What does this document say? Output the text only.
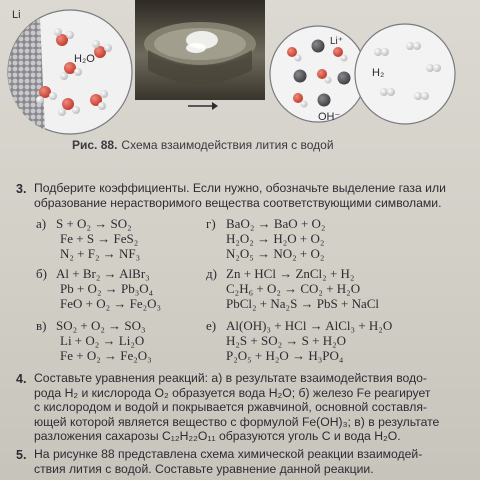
Li
H₂O
Li⁺
H₂
OH⁻
Рис. 88. Схема взаимодействия лития с водой
3. Подберите коэффициенты. Если нужно, обозначьте выделение газа или
образование нерастворимого вещества соответствующими символами.
а) S + O₂ → SO₂
Fe + S → FeS₂
N₂ + F₂ → NF₃
б) Al + Br₂ → AlBr₃
Pb + O₂ → Pb₃O₄
FeO + O₂ → Fe₂O₃
в) SO₂ + O₂ → SO₃
Li + O₂ → Li₂O
Fe + O₂ → Fe₂O₃
г) BaO₂ → BaO + O₂
H₂O₂ → H₂O + O₂
N₂O₅ → NO₂ + O₂
д) Zn + HCl → ZnCl₂ + H₂
C₂H₆ + O₂ → CO₂ + H₂O
PbCl₂ + Na₂S → PbS + NaCl
е) Al(OH)₃ + HCl → AlCl₃ + H₂O
H₂S + SO₂ → S + H₂O
P₂O₅ + H₂O → H₃PO₄
4. Составьте уравнения реакций: а) в результате взаимодействия водо-
рода H₂ и кислорода O₂ образуется вода H₂O; б) железо Fe реагирует
с кислородом и водой и покрывается ржавчиной, основной составля-
ющей которой является вещество с формулой Fe(OH)₃; в) в результате
разложения сахарозы C₁₂H₂₂O₁₁ образуются уголь C и вода H₂O.
5. На рисунке 88 представлена схема химической реакции взаимодей-
ствия лития с водой. Составьте уравнение данной реакции.
